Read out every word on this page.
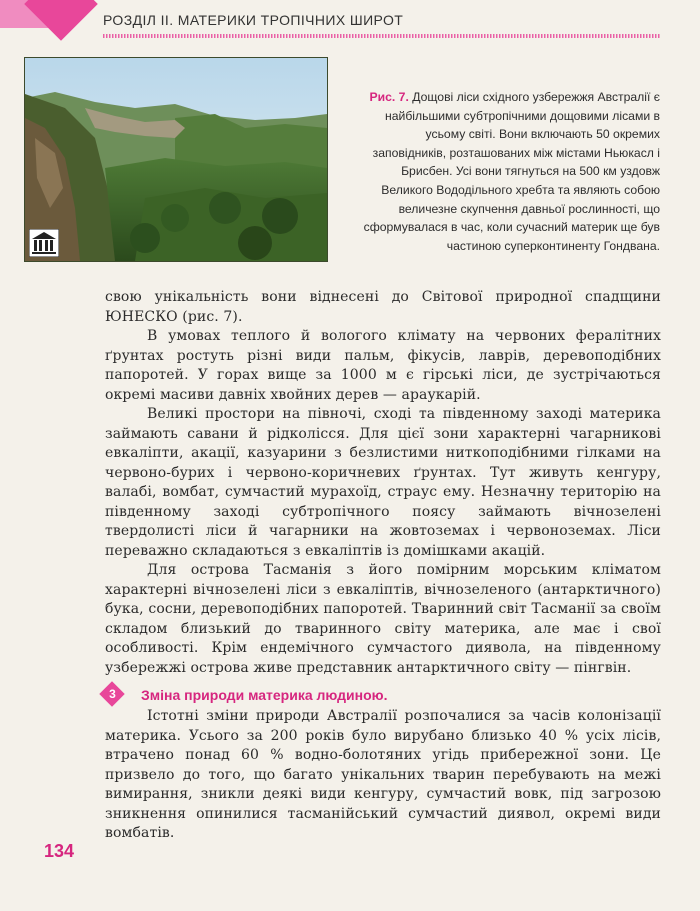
РОЗДІЛ ІІ. МАТЕРИКИ ТРОПІЧНИХ ШИРОТ
Рис. 7. Дощові ліси східного узбережжя Австралії є найбільшими субтропічними дощовими лісами в усьому світі. Вони включають 50 окремих заповідників, розташованих між містами Ньюкасл і Брисбен. Усі вони тягнуться на 500 км уздовж Великого Вододільного хребта та являють собою величезне скупчення давньої рослинності, що сформувалася в час, коли сучасний материк ще був частиною суперконтиненту Гондвана.
свою унікальність вони віднесені до Світової природної спадщини ЮНЕСКО (рис. 7).
В умовах теплого й вологого клімату на червоних фералітних ґрунтах ростуть різні види пальм, фікусів, лаврів, деревоподібних папоротей. У горах вище за 1000 м є гірські ліси, де зустрічаються окремі масиви давніх хвойних дерев — араукарій.
Великі простори на півночі, сході та південному заході материка займають савани й рідколісся. Для цієї зони характерні чагарникові евкаліпти, акації, казуарини з безлистими ниткоподібними гілками на червоно-бурих і червоно-коричневих ґрунтах. Тут живуть кенгуру, валабі, вомбат, сумчастий мурахоїд, страус ему. Незначну територію на південному заході субтропічного поясу займають вічнозелені твердолисті ліси й чагарники на жовтоземах і червоноземах. Ліси переважно складаються з евкаліптів із домішками акацій.
Для острова Тасманія з його помірним морським кліматом характерні вічнозелені ліси з евкаліптів, вічнозеленого (антарктичного) бука, сосни, деревоподібних папоротей. Тваринний світ Тасманії за своїм складом близький до тваринного світу материка, але має і свої особливості. Крім ендемічного сумчастого диявола, на південному узбережжі острова живе представник антарктичного світу — пінгвін.
3	Зміна природи материка людиною.
Істотні зміни природи Австралії розпочалися за часів колонізації материка. Усього за 200 років було вирубано близько 40 % усіх лісів, втрачено понад 60 % водно-болотяних угідь прибережної зони. Це призвело до того, що багато унікальних тварин перебувають на межі вимирання, зникли деякі види кенгуру, сумчастий вовк, під загрозою зникнення опинилися тасманійський сумчастий диявол, окремі види вомбатів.
134
